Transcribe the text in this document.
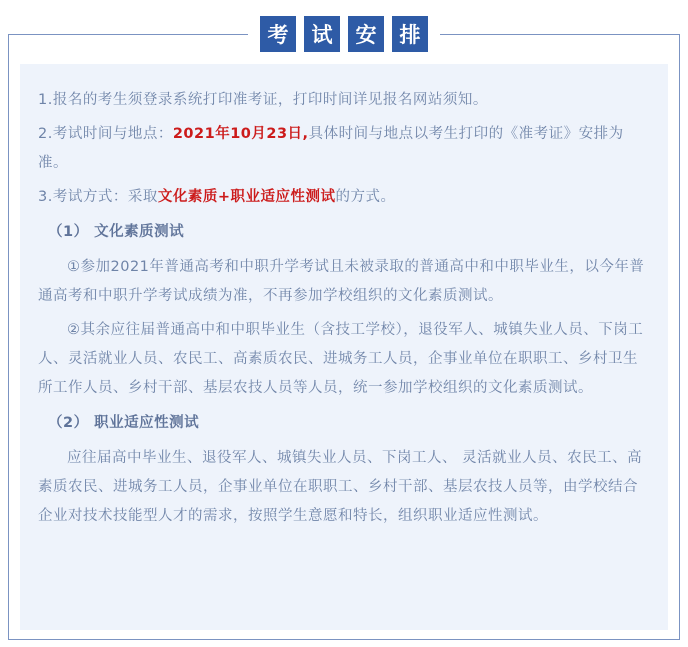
考	试	安	排

1.报名的考生须登录系统打印准考证，打印时间详见报名网站须知。

2.考试时间与地点：2021年10月23日,具体时间与地点以考生打印的《准考证》安排为准。

3.考试方式：采取文化素质+职业适应性测试的方式。

（1） 文化素质测试

①参加2021年普通高考和中职升学考试且未被录取的普通高中和中职毕业生，以今年普通高考和中职升学考试成绩为准，不再参加学校组织的文化素质测试。

②其余应往届普通高中和中职毕业生（含技工学校），退役军人、城镇失业人员、下岗工人、灵活就业人员、农民工、高素质农民、进城务工人员，企事业单位在职职工、乡村卫生所工作人员、乡村干部、基层农技人员等人员，统一参加学校组织的文化素质测试。

（2） 职业适应性测试

应往届高中毕业生、退役军人、城镇失业人员、下岗工人、 灵活就业人员、农民工、高素质农民、进城务工人员，企事业单位在职职工、乡村干部、基层农技人员等，由学校结合企业对技术技能型人才的需求，按照学生意愿和特长，组织职业适应性测试。
